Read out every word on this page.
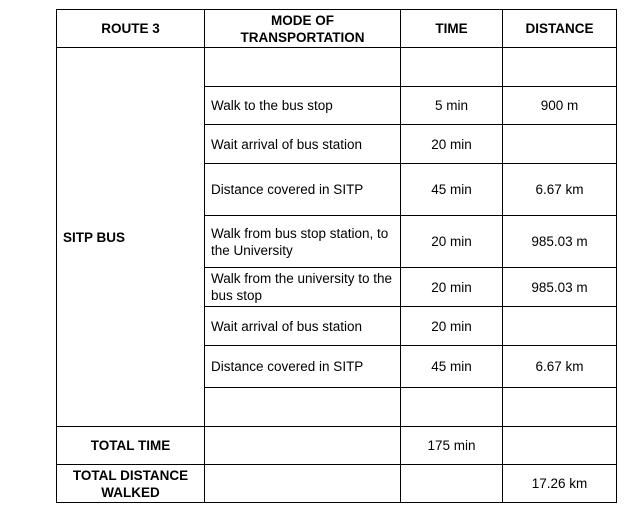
ROUTE 3	MODE OF TRANSPORTATION	TIME	DISTANCE
SITP BUS			
	Walk to the bus stop	5 min	900 m
	Wait arrival of bus station	20 min	
	Distance covered in SITP	45 min	6.67 km
	Walk from bus stop station, to the University	20 min	985.03 m
	Walk from the university to the bus stop	20 min	985.03 m
	Wait arrival of bus station	20 min	
	Distance covered in SITP	45 min	6.67 km

TOTAL TIME		175 min	
TOTAL DISTANCE WALKED			17.26 km
